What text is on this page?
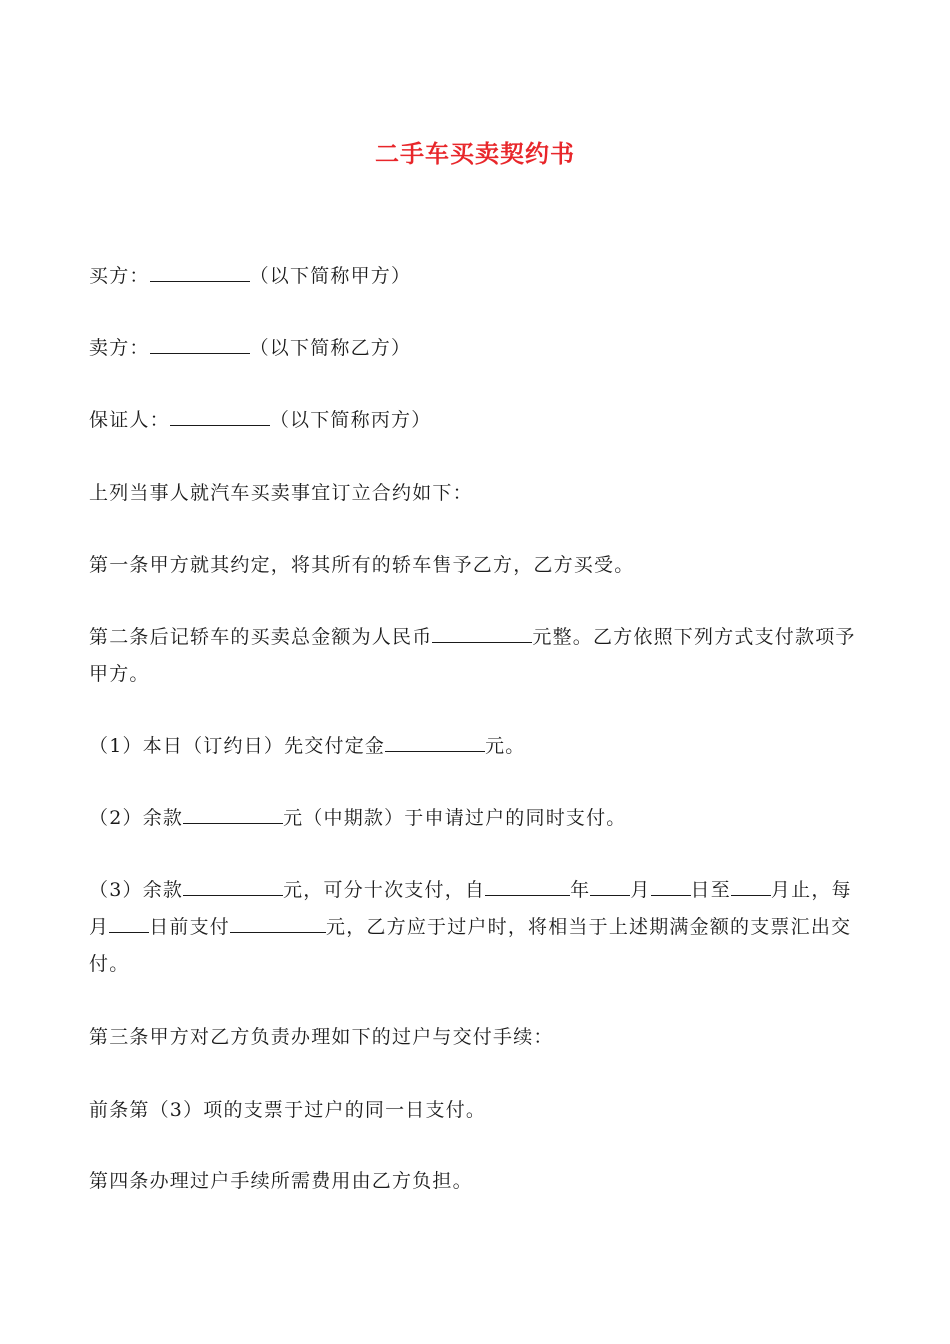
二手车买卖契约书

买方：	（以下简称甲方）

卖方：	（以下简称乙方）

保证人：	（以下简称丙方）

上列当事人就汽车买卖事宜订立合约如下：

第一条甲方就其约定，将其所有的轿车售予乙方，乙方买受。

第二条后记轿车的买卖总金额为人民币	元整。乙方依照下列方式支付款项予甲方。

（1）本日（订约日）先交付定金	元。

（2）余款	元（中期款）于申请过户的同时支付。

（3）余款	元，可分十次支付，自	年 月 日至 月止，每月 日前支付	元，乙方应于过户时，将相当于上述期满金额的支票汇出交付。

第三条甲方对乙方负责办理如下的过户与交付手续：

前条第（3）项的支票于过户的同一日支付。

第四条办理过户手续所需费用由乙方负担。
